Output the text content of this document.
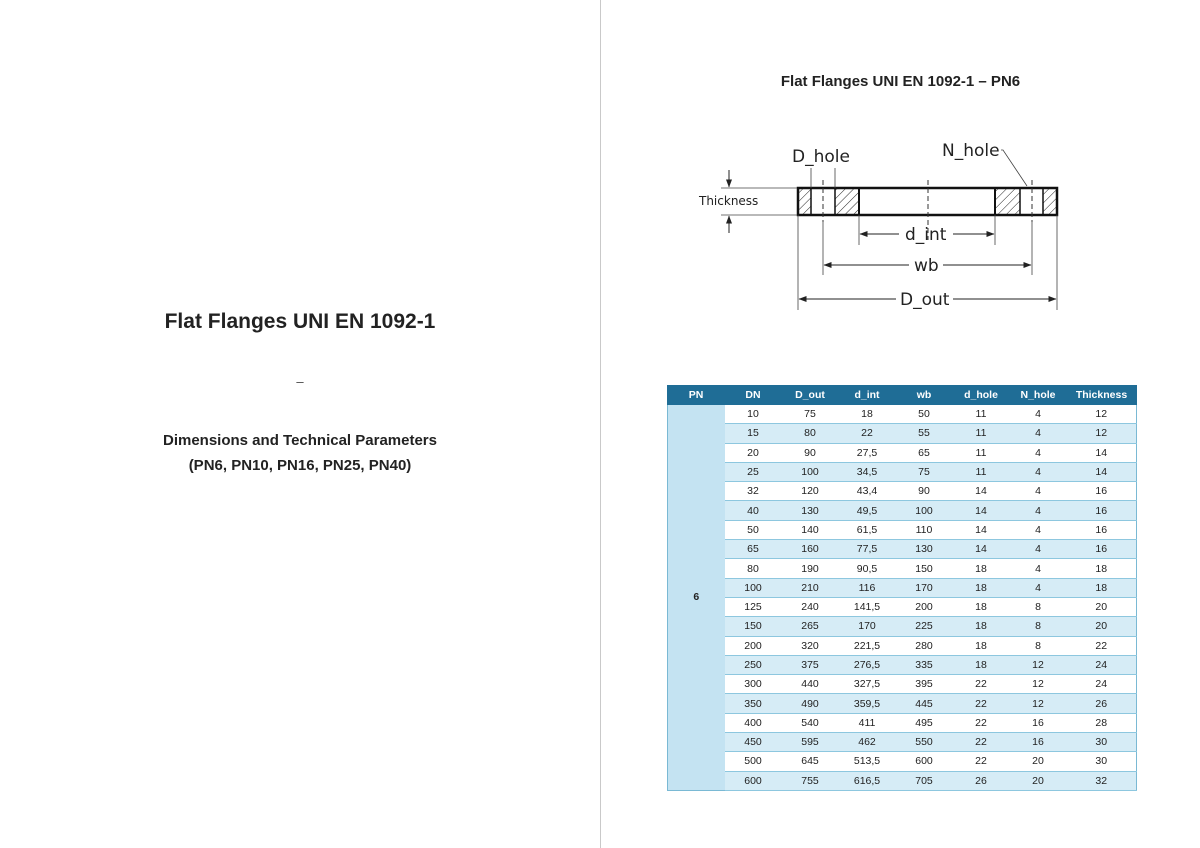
Flat Flanges UNI EN 1092-1
–
Dimensions and Technical Parameters
(PN6, PN10, PN16, PN25, PN40)
Flat Flanges UNI EN 1092-1 – PN6
Thickness
D_hole	N_hole
d_int
wb
D_out
PN	DN	D_out	d_int	wb	d_hole	N_hole	Thickness
6	10	75	18	50	11	4	12
	15	80	22	55	11	4	12
	20	90	27,5	65	11	4	14
	25	100	34,5	75	11	4	14
	32	120	43,4	90	14	4	16
	40	130	49,5	100	14	4	16
	50	140	61,5	110	14	4	16
	65	160	77,5	130	14	4	16
	80	190	90,5	150	18	4	18
	100	210	116	170	18	4	18
	125	240	141,5	200	18	8	20
	150	265	170	225	18	8	20
	200	320	221,5	280	18	8	22
	250	375	276,5	335	18	12	24
	300	440	327,5	395	22	12	24
	350	490	359,5	445	22	12	26
	400	540	411	495	22	16	28
	450	595	462	550	22	16	30
	500	645	513,5	600	22	20	30
	600	755	616,5	705	26	20	32
